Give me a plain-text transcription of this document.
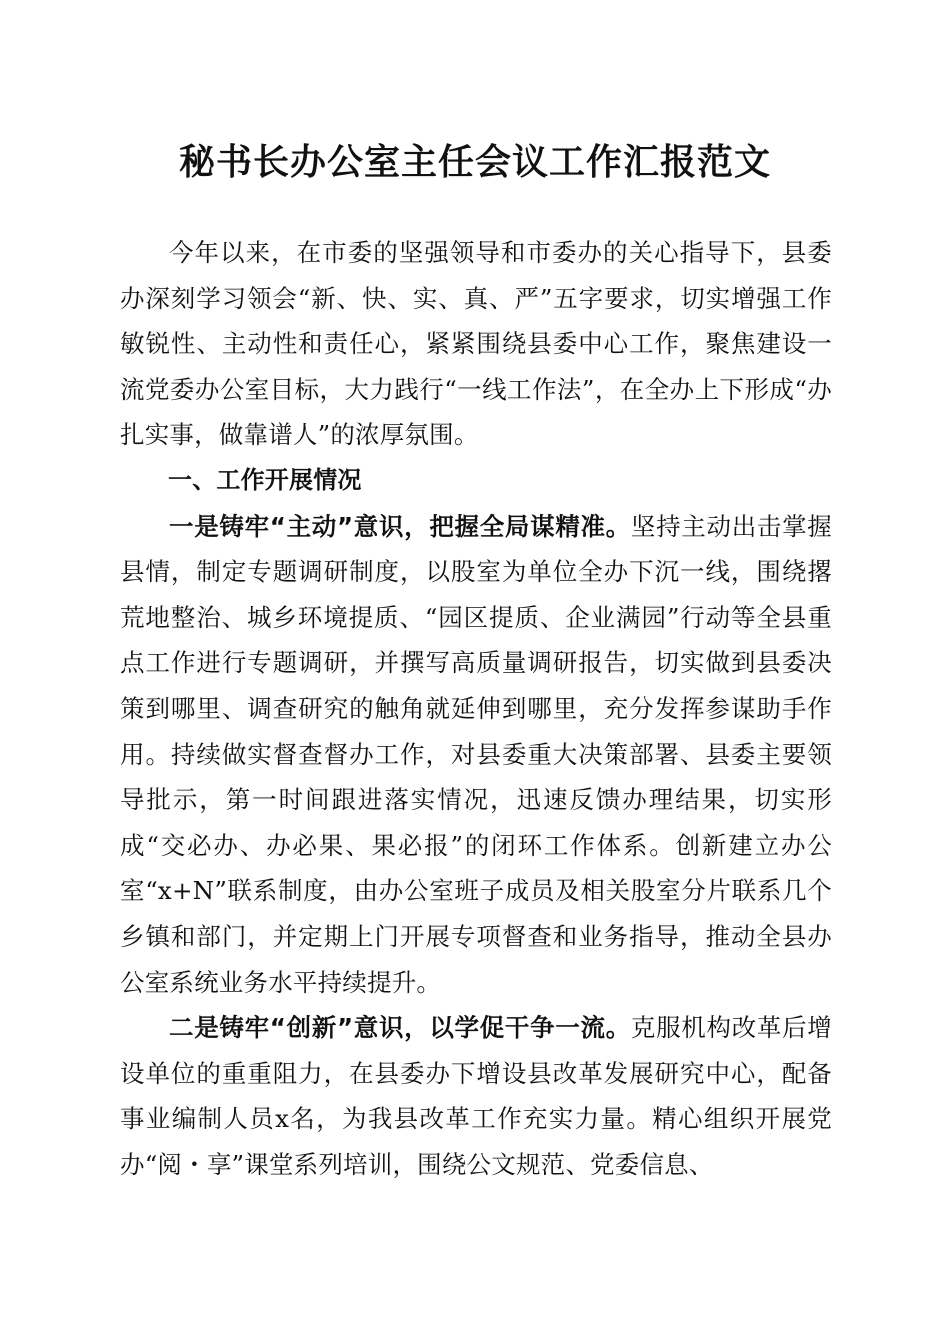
秘书长办公室主任会议工作汇报范文

今年以来，在市委的坚强领导和市委办的关心指导下，县委办深刻学习领会“新、快、实、真、严”五字要求，切实增强工作敏锐性、主动性和责任心，紧紧围绕县委中心工作，聚焦建设一流党委办公室目标，大力践行“一线工作法”，在全办上下形成“办扎实事，做靠谱人”的浓厚氛围。

一、工作开展情况

一是铸牢“主动”意识，把握全局谋精准。坚持主动出击掌握县情，制定专题调研制度，以股室为单位全办下沉一线，围绕撂荒地整治、城乡环境提质、“园区提质、企业满园”行动等全县重点工作进行专题调研，并撰写高质量调研报告，切实做到县委决策到哪里、调查研究的触角就延伸到哪里，充分发挥参谋助手作用。持续做实督查督办工作，对县委重大决策部署、县委主要领导批示，第一时间跟进落实情况，迅速反馈办理结果，切实形成“交必办、办必果、果必报”的闭环工作体系。创新建立办公室“x+N”联系制度，由办公室班子成员及相关股室分片联系几个乡镇和部门，并定期上门开展专项督查和业务指导，推动全县办公室系统业务水平持续提升。

二是铸牢“创新”意识，以学促干争一流。克服机构改革后增设单位的重重阻力，在县委办下增设县改革发展研究中心，配备事业编制人员x名，为我县改革工作充实力量。精心组织开展党办“阅・享”课堂系列培训，围绕公文规范、党委信息、
